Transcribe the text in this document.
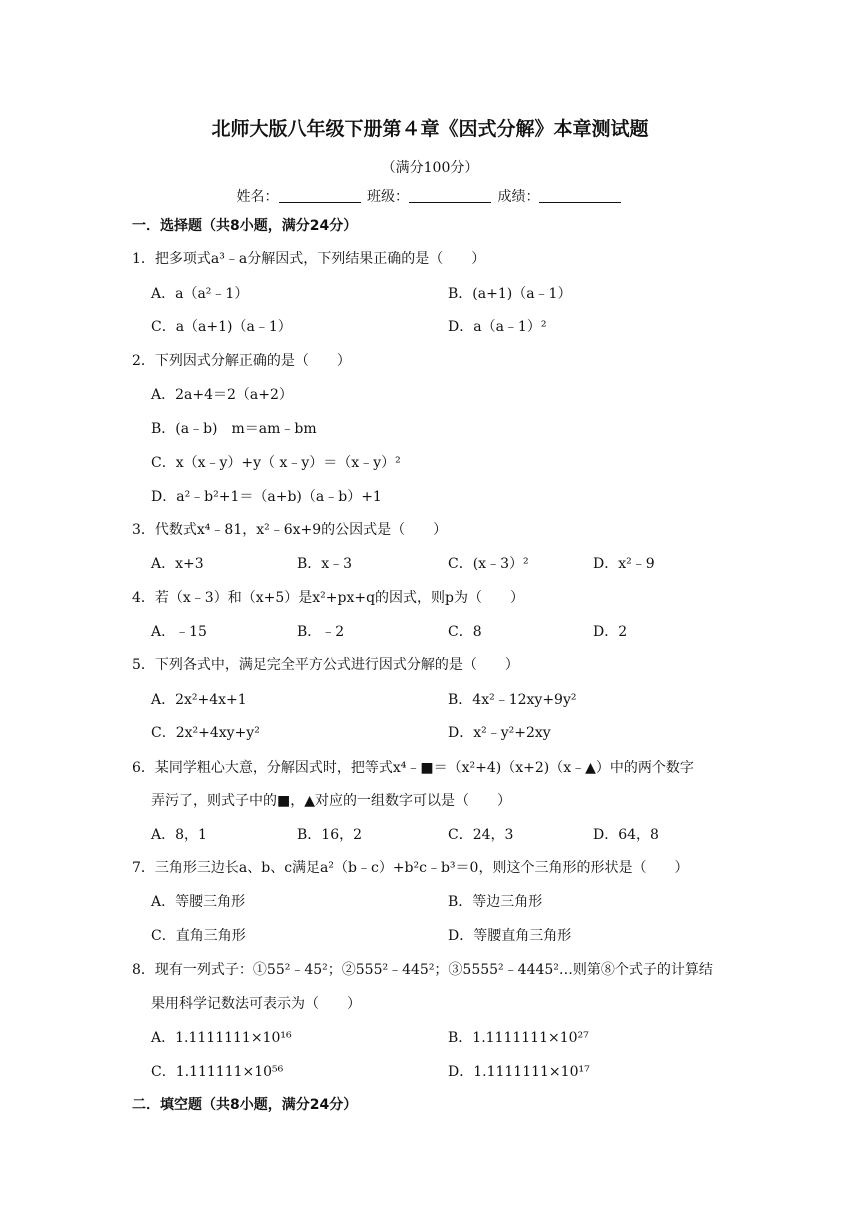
北师大版八年级下册第４章《因式分解》本章测试题
（满分100分）
姓名：	班级：	成绩：
一．选择题（共8小题，满分24分）
1．把多项式a³﹣a分解因式，下列结果正确的是（　　）
A．a（a²﹣1）	B．(a+1)（a﹣1）
C．a（a+1)（a﹣1）	D．a（a﹣1）²
2．下列因式分解正确的是（　　）
A．2a+4＝2（a+2）
B．(a﹣b)　m＝am﹣bm
C．x（x﹣y）+y（ x﹣y）＝（x﹣y）²
D．a²﹣b²+1＝（a+b)（a﹣b）+1
3．代数式x⁴﹣81，x²﹣6x+9的公因式是（　　）
A．x+3	B．x﹣3	C．(x﹣3）²	D．x²﹣9
4．若（x﹣3）和（x+5）是x²+px+q的因式，则p为（　　）
A．﹣15	B．﹣2	C．8	D．2
5．下列各式中，满足完全平方公式进行因式分解的是（　　）
A．2x²+4x+1	B．4x²﹣12xy+9y²
C．2x²+4xy+y²	D．x²﹣y²+2xy
6．某同学粗心大意，分解因式时，把等式x⁴﹣■＝（x²+4)（x+2)（x﹣▲）中的两个数字
弄污了，则式子中的■，▲对应的一组数字可以是（　　）
A．8，1	B．16，2	C．24，3	D．64，8
7．三角形三边长a、b、c满足a²（b﹣c）+b²c﹣b³＝0，则这个三角形的形状是（　　）
A．等腰三角形	B．等边三角形
C．直角三角形	D．等腰直角三角形
8．现有一列式子：①55²﹣45²；②555²﹣445²；③5555²﹣4445²…则第⑧个式子的计算结
果用科学记数法可表示为（　　）
A．1.1111111×10¹⁶	B．1.1111111×10²⁷
C．1.111111×10⁵⁶	D．1.1111111×10¹⁷
二．填空题（共8小题，满分24分）
